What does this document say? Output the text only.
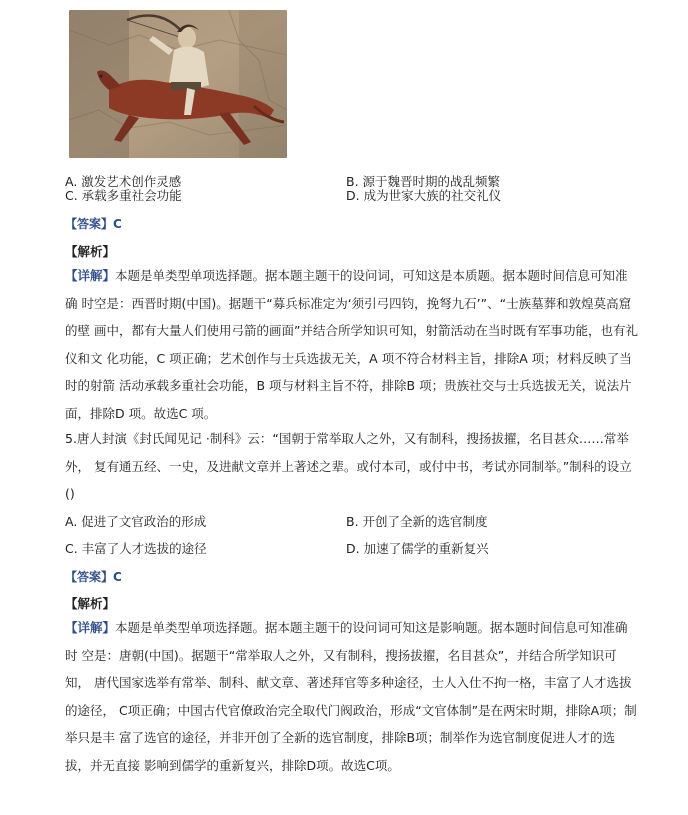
A. 激发艺术创作灵感	B. 源于魏晋时期的战乱频繁
C. 承载多重社会功能	D. 成为世家大族的社交礼仪
【答案】C
【解析】
【详解】本题是单类型单项选择题。据本题主题干的设问词，可知这是本质题。据本题时间信息可知准确 时空是：西晋时期(中国)。据题干“募兵标准定为‘须引弓四钧，挽弩九石’”、“士族墓葬和敦煌莫高窟的壁 画中，都有大量人们使用弓箭的画面”并结合所学知识可知，射箭活动在当时既有军事功能，也有礼仪和文 化功能，C 项正确；艺术创作与士兵选拔无关，A 项不符合材料主旨，排除A 项；材料反映了当时的射箭 活动承载多重社会功能，B 项与材料主旨不符，排除B 项；贵族社交与士兵选拔无关，说法片面，排除D 项。故选C 项。
5.唐人封演《封氏闻见记 ·制科》云：“国朝于常举取人之外，又有制科，搜扬拔擢，名目甚众……常举外， 复有通五经、一史，及进献文章并上著述之辈。或付本司，或付中书，考试亦同制举。”制科的设立()
A. 促进了文官政治的形成	B. 开创了全新的选官制度
C. 丰富了人才选拔的途径	D. 加速了儒学的重新复兴
【答案】C
【解析】
【详解】本题是单类型单项选择题。据本题主题干的设问词可知这是影响题。据本题时间信息可知准确时 空是：唐朝(中国)。据题干“常举取人之外，又有制科，搜扬拔擢，名目甚众”，并结合所学知识可知， 唐代国家选举有常举、制科、献文章、著述拜官等多种途径，士人入仕不拘一格，丰富了人才选拔的途径， C项正确；中国古代官僚政治完全取代门阀政治，形成“文官体制”是在两宋时期，排除A项；制举只是丰 富了选官的途径，并非开创了全新的选官制度，排除B项；制举作为选官制度促进人才的选拔，并无直接 影响到儒学的重新复兴，排除D项。故选C项。
